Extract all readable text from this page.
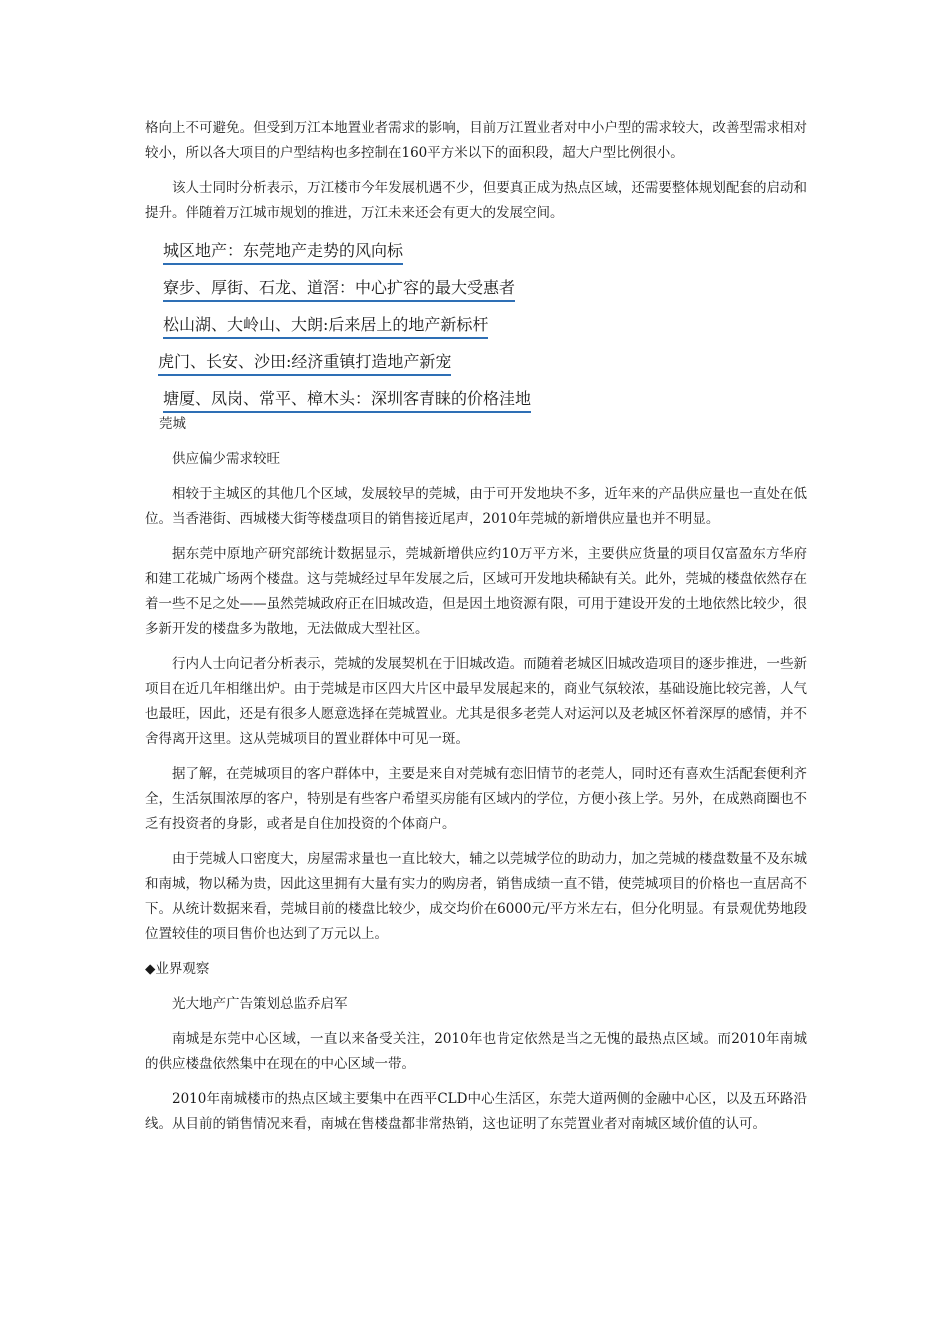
格向上不可避免。但受到万江本地置业者需求的影响，目前万江置业者对中小户型的需求较大，改善型需求相对较小，所以各大项目的户型结构也多控制在160平方米以下的面积段，超大户型比例很小。

该人士同时分析表示，万江楼市今年发展机遇不少，但要真正成为热点区域，还需要整体规划配套的启动和提升。伴随着万江城市规划的推进，万江未来还会有更大的发展空间。

城区地产：东莞地产走势的风向标
寮步、厚街、石龙、道滘：中心扩容的最大受惠者
松山湖、大岭山、大朗:后来居上的地产新标杆
虎门、长安、沙田:经济重镇打造地产新宠
塘厦、凤岗、常平、樟木头：深圳客青睐的价格洼地

莞城

供应偏少需求较旺

相较于主城区的其他几个区域，发展较早的莞城，由于可开发地块不多，近年来的产品供应量也一直处在低位。当香港街、西城楼大街等楼盘项目的销售接近尾声，2010年莞城的新增供应量也并不明显。

据东莞中原地产研究部统计数据显示，莞城新增供应约10万平方米，主要供应货量的项目仅富盈东方华府和建工花城广场两个楼盘。这与莞城经过早年发展之后，区域可开发地块稀缺有关。此外，莞城的楼盘依然存在着一些不足之处——虽然莞城政府正在旧城改造，但是因土地资源有限，可用于建设开发的土地依然比较少，很多新开发的楼盘多为散地，无法做成大型社区。

行内人士向记者分析表示，莞城的发展契机在于旧城改造。而随着老城区旧城改造项目的逐步推进，一些新项目在近几年相继出炉。由于莞城是市区四大片区中最早发展起来的，商业气氛较浓，基础设施比较完善，人气也最旺，因此，还是有很多人愿意选择在莞城置业。尤其是很多老莞人对运河以及老城区怀着深厚的感情，并不舍得离开这里。这从莞城项目的置业群体中可见一斑。

据了解，在莞城项目的客户群体中，主要是来自对莞城有恋旧情节的老莞人，同时还有喜欢生活配套便利齐全，生活氛围浓厚的客户，特别是有些客户希望买房能有区域内的学位，方便小孩上学。另外，在成熟商圈也不乏有投资者的身影，或者是自住加投资的个体商户。

由于莞城人口密度大，房屋需求量也一直比较大，辅之以莞城学位的助动力，加之莞城的楼盘数量不及东城和南城，物以稀为贵，因此这里拥有大量有实力的购房者，销售成绩一直不错，使莞城项目的价格也一直居高不下。从统计数据来看，莞城目前的楼盘比较少，成交均价在6000元/平方米左右，但分化明显。有景观优势地段位置较佳的项目售价也达到了万元以上。

◆业界观察

光大地产广告策划总监乔启军

南城是东莞中心区域，一直以来备受关注，2010年也肯定依然是当之无愧的最热点区域。而2010年南城的供应楼盘依然集中在现在的中心区域一带。

2010年南城楼市的热点区域主要集中在西平CLD中心生活区，东莞大道两侧的金融中心区，以及五环路沿线。从目前的销售情况来看，南城在售楼盘都非常热销，这也证明了东莞置业者对南城区域价值的认可。
